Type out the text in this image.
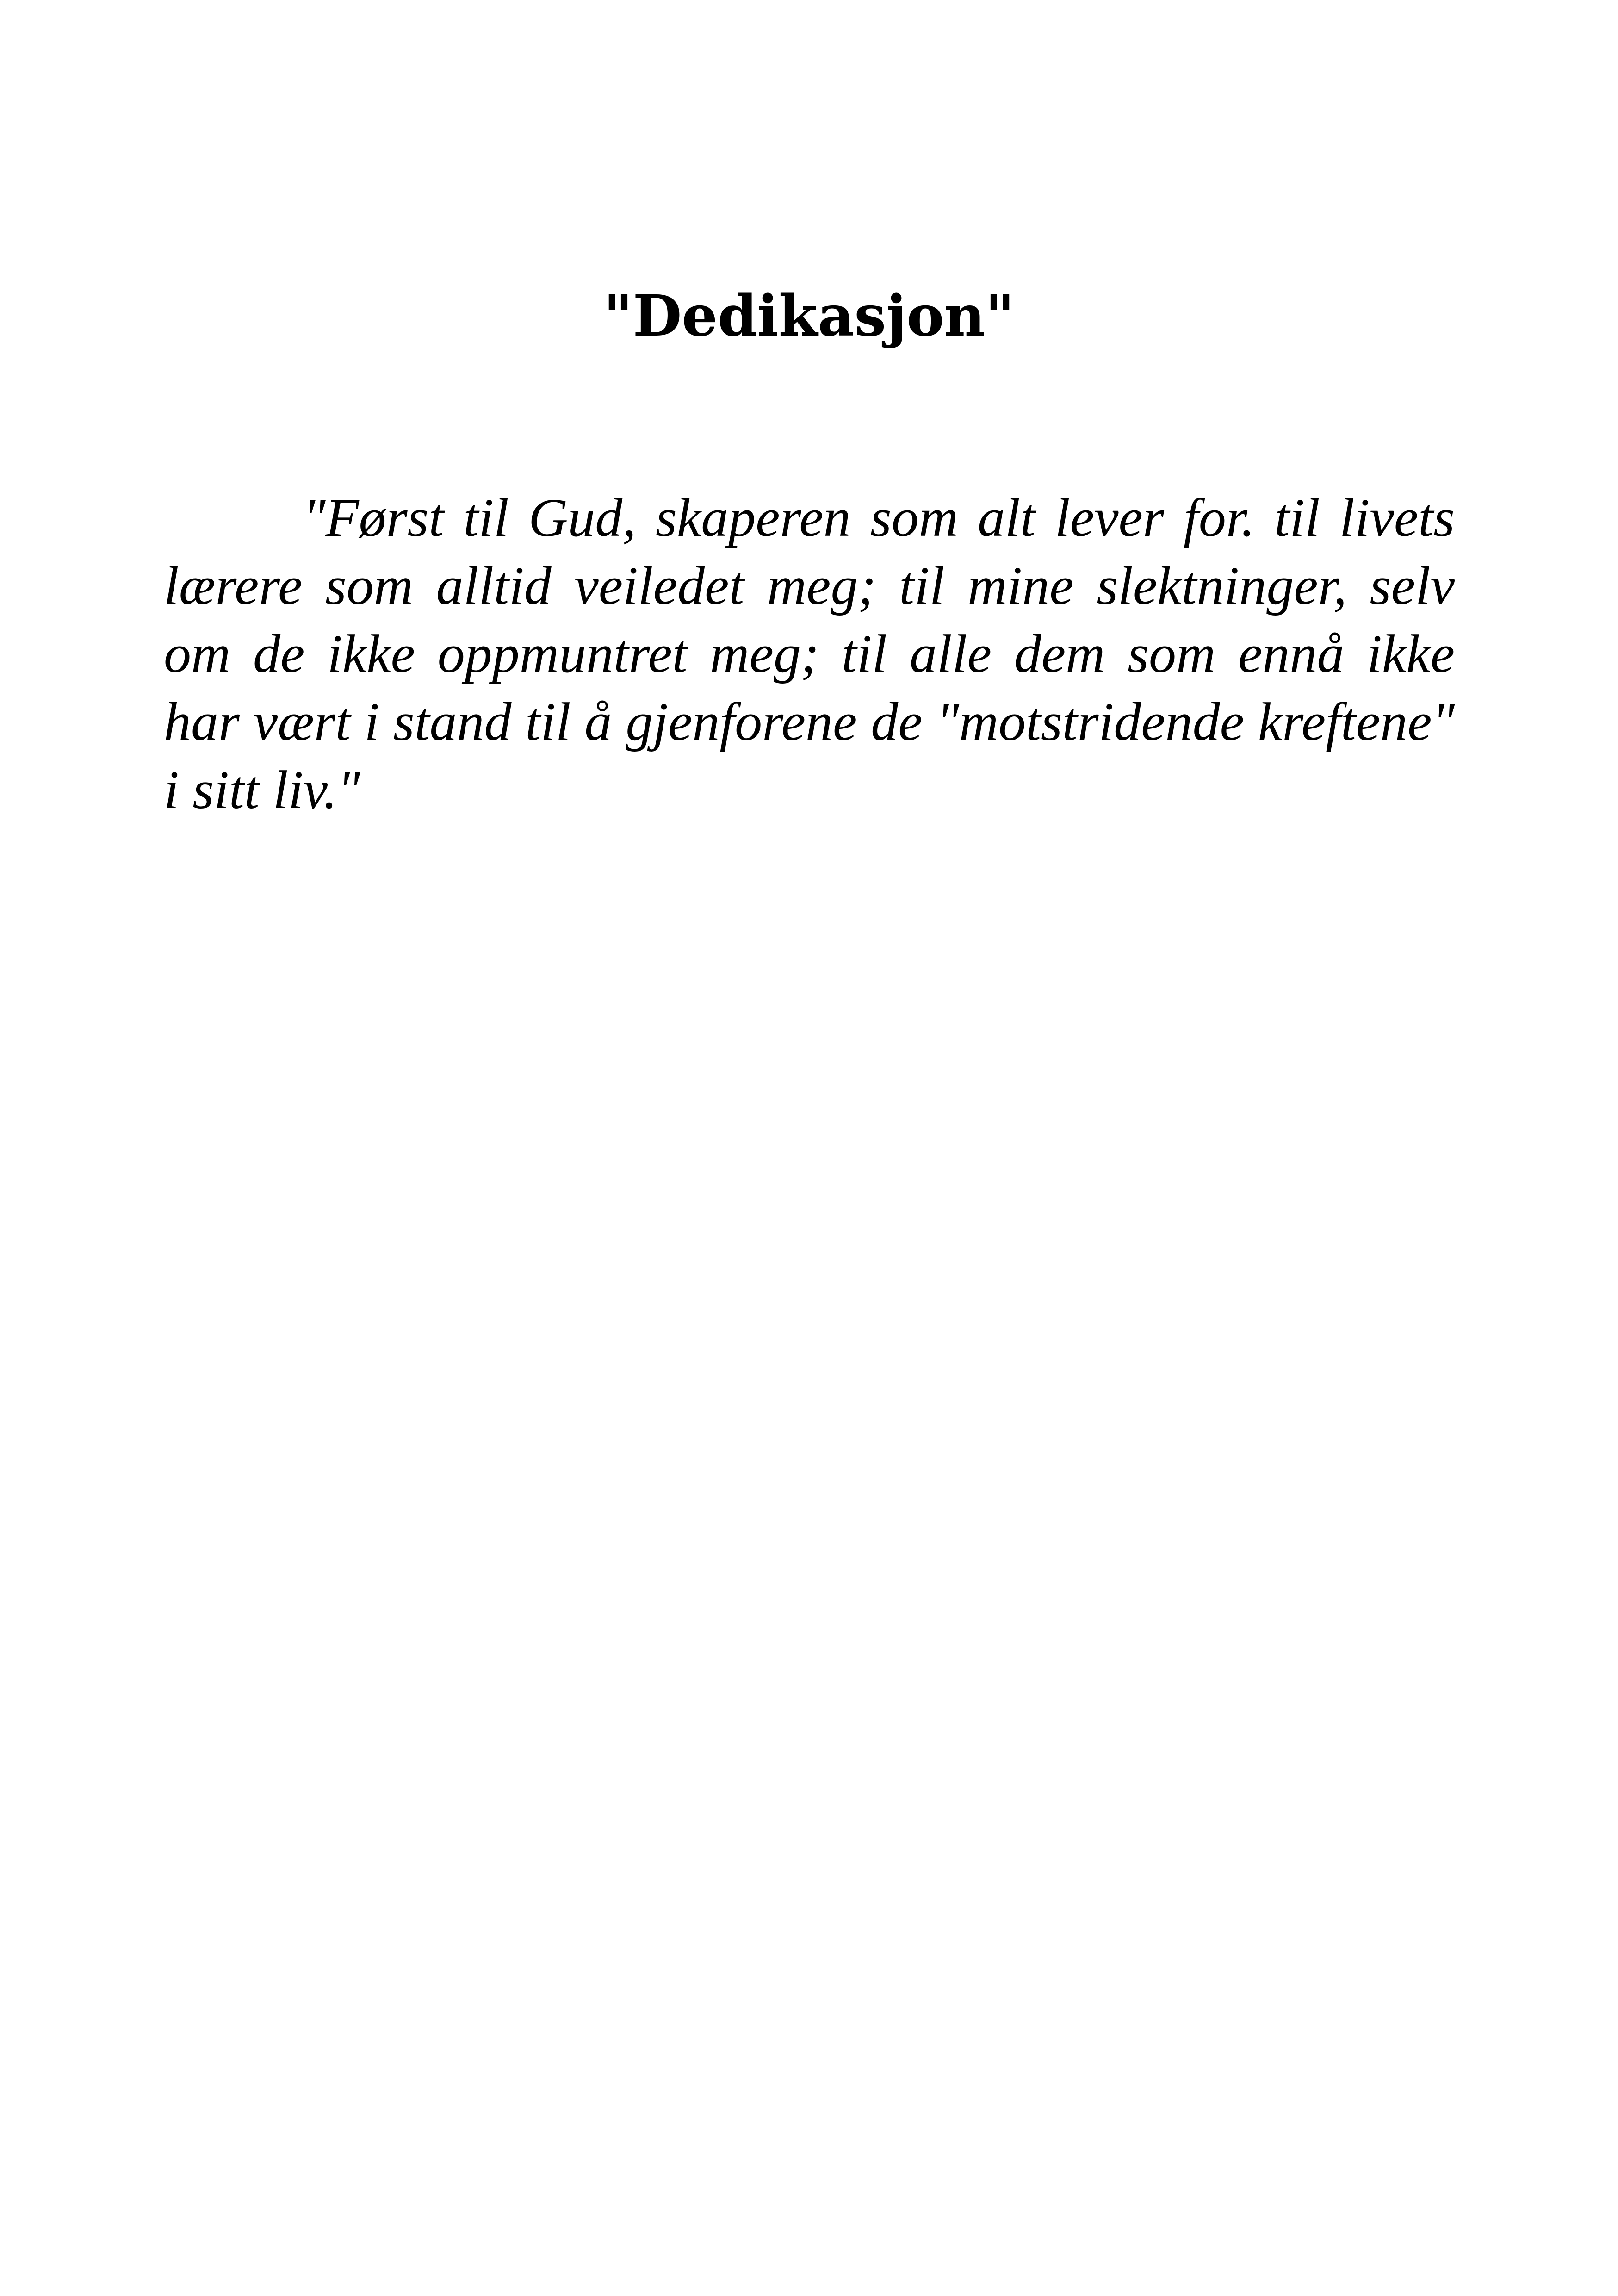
"Dedikasjon"

"Først til Gud, skaperen som alt lever for. til livets lærere som alltid veiledet meg; til mine slektninger, selv om de ikke oppmuntret meg; til alle dem som ennå ikke har vært i stand til å gjenforene de "motstridende kreftene" i sitt liv."
